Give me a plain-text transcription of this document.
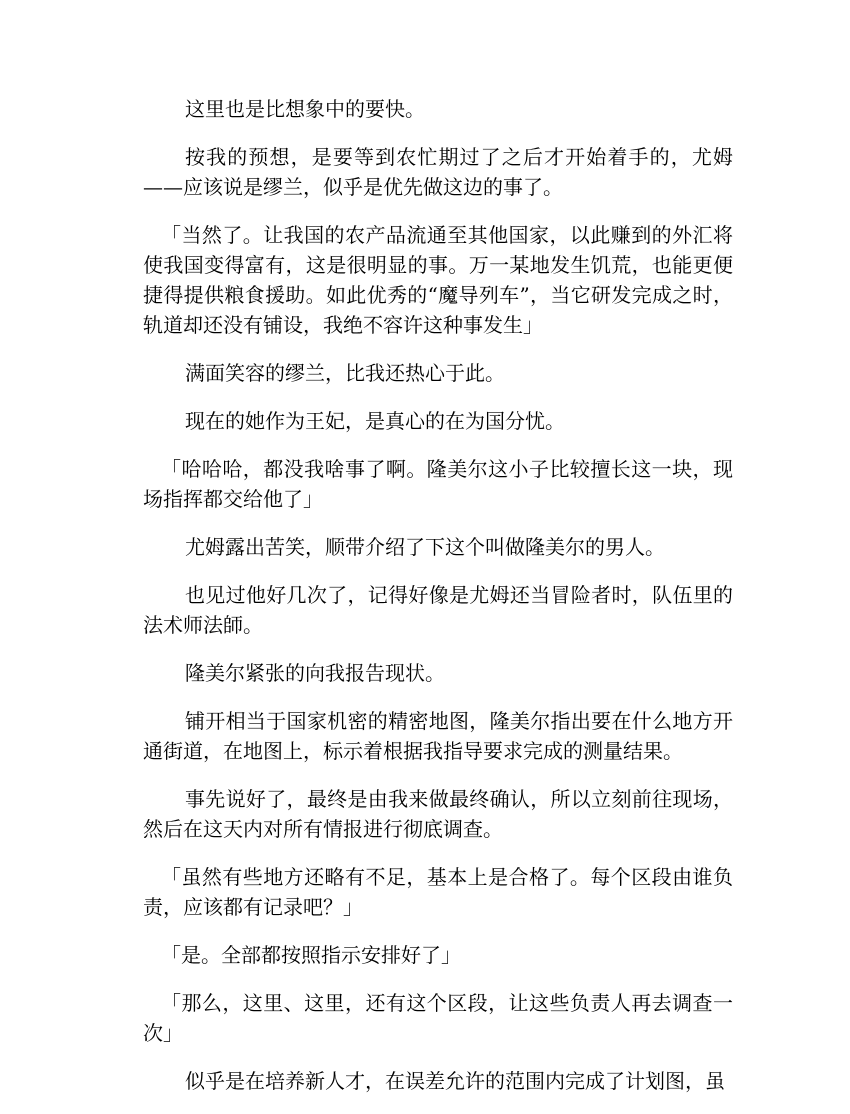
这里也是比想象中的要快。

按我的预想，是要等到农忙期过了之后才开始着手的，尤姆——应该说是缪兰，似乎是优先做这边的事了。

「当然了。让我国的农产品流通至其他国家，以此赚到的外汇将使我国变得富有，这是很明显的事。万一某地发生饥荒，也能更便捷得提供粮食援助。如此优秀的“魔导列车”，当它研发完成之时，轨道却还没有铺设，我绝不容许这种事发生」

满面笑容的缪兰，比我还热心于此。

现在的她作为王妃，是真心的在为国分忧。

「哈哈哈，都没我啥事了啊。隆美尔这小子比较擅长这一块，现场指挥都交给他了」

尤姆露出苦笑，顺带介绍了下这个叫做隆美尔的男人。

也见过他好几次了，记得好像是尤姆还当冒险者时，队伍里的法术师法師。

隆美尔紧张的向我报告现状。

铺开相当于国家机密的精密地图，隆美尔指出要在什么地方开通街道，在地图上，标示着根据我指导要求完成的测量结果。

事先说好了，最终是由我来做最终确认，所以立刻前往现场，然后在这天内对所有情报进行彻底调查。

「虽然有些地方还略有不足，基本上是合格了。每个区段由谁负责，应该都有记录吧？」

「是。全部都按照指示安排好了」

「那么，这里、这里，还有这个区段，让这些负责人再去调查一次」

似乎是在培养新人才，在误差允许的范围内完成了计划图，虽
